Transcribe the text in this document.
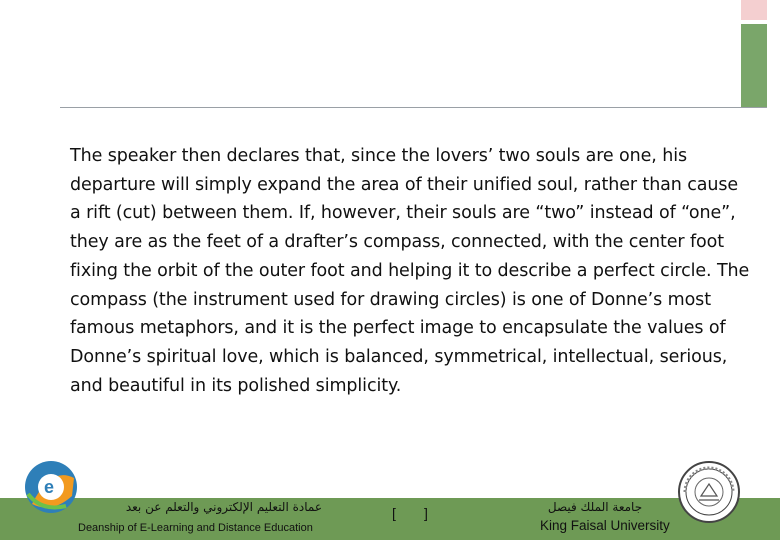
The speaker then declares that, since the lovers’ two souls are one, his departure will simply expand the area of their unified soul, rather than cause a rift (cut) between them. If, however, their souls are “two” instead of “one”, they are as the feet of a drafter’s compass, connected, with the center foot fixing the orbit of the outer foot and helping it to describe a perfect circle. The compass (the instrument used for drawing circles) is one of Donne’s most famous metaphors, and it is the perfect image to encapsulate the values of Donne’s spiritual love, which is balanced, symmetrical, intellectual, serious, and beautiful in its polished simplicity.
e
عمادة التعليم الإلكتروني والتعلم عن بعد
Deanship of E-Learning and Distance Education
[ ]	جامعة الملك فيصل
King Faisal University
